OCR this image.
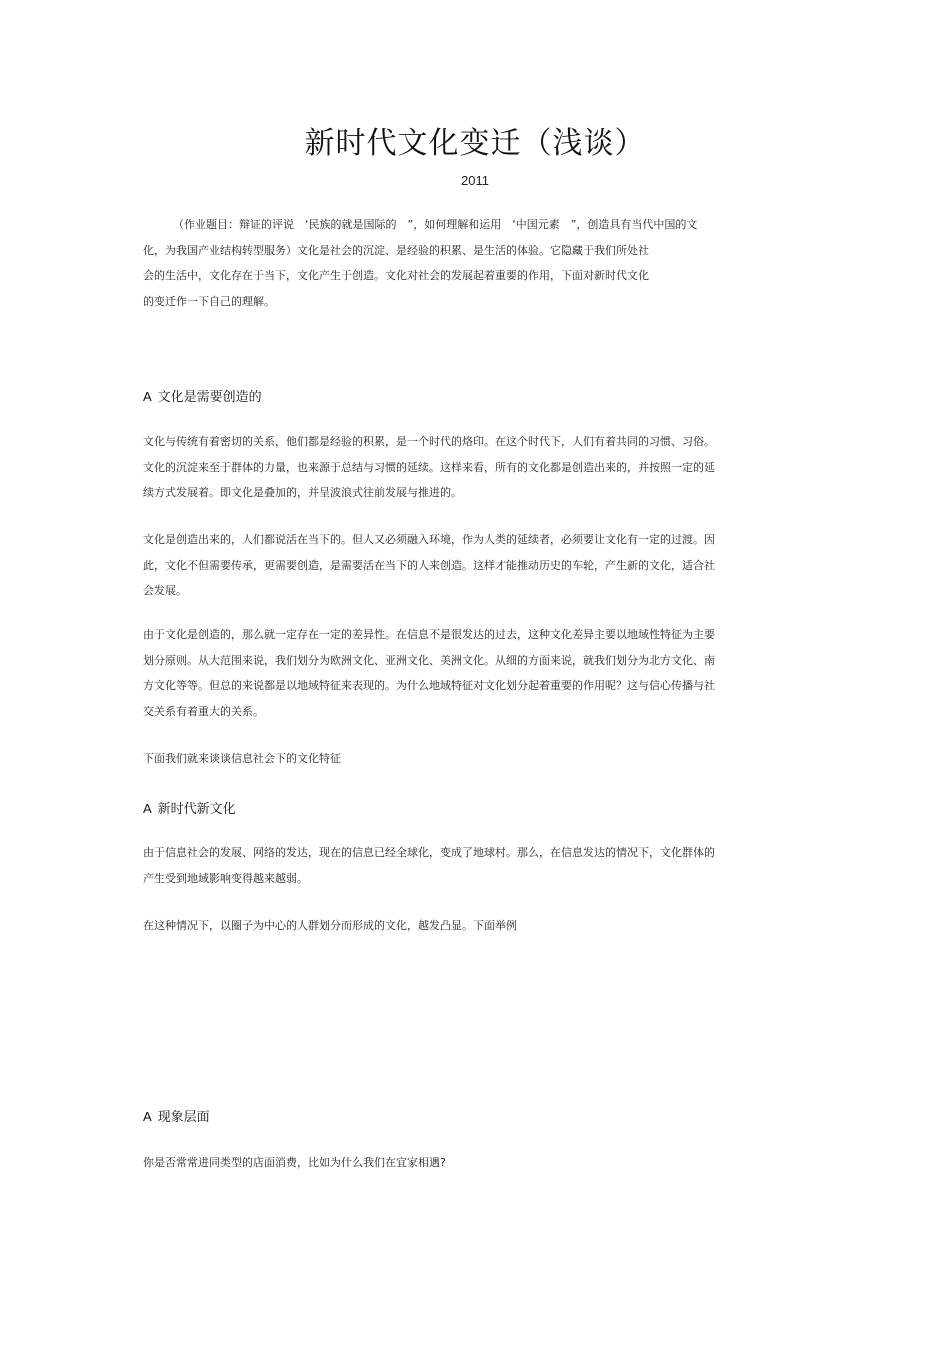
新时代文化变迁（浅谈）
2011
（作业题目：辩证的评说　‘民族的就是国际的　”，如何理解和运用　‘中国元素　”，创造具有当代中国的文
化，为我国产业结构转型服务）文化是社会的沉淀、是经验的积累、是生活的体验。它隐藏于我们所处社
会的生活中，文化存在于当下，文化产生于创造。文化对社会的发展起着重要的作用，下面对新时代文化
的变迁作一下自己的理解。
A 文化是需要创造的
文化与传统有着密切的关系，他们都是经验的积累，是一个时代的烙印。在这个时代下，人们有着共同的习惯、习俗。
文化的沉淀来至于群体的力量，也来源于总结与习惯的延续。这样来看，所有的文化都是创造出来的，并按照一定的延
续方式发展着。即文化是叠加的，并呈波浪式往前发展与推进的。
文化是创造出来的，人们都说活在当下的。但人又必须融入环境，作为人类的延续者，必须要让文化有一定的过渡。因
此，文化不但需要传承，更需要创造，是需要活在当下的人来创造。这样才能推动历史的车轮，产生新的文化，适合社
会发展。
由于文化是创造的，那么就一定存在一定的差异性。在信息不是很发达的过去，这种文化差异主要以地域性特征为主要
划分原则。从大范围来说，我们划分为欧洲文化、亚洲文化、美洲文化。从细的方面来说，就我们划分为北方文化、南
方文化等等。但总的来说都是以地域特征来表现的。为什么地域特征对文化划分起着重要的作用呢？这与信心传播与社
交关系有着重大的关系。
下面我们就来谈谈信息社会下的文化特征
A 新时代新文化
由于信息社会的发展、网络的发达，现在的信息已经全球化，变成了地球村。那么，在信息发达的情况下，文化群体的
产生受到地域影响变得越来越弱。
在这种情况下，以圈子为中心的人群划分而形成的文化，越发凸显。下面举例
A 现象层面
你是否常常进同类型的店面消费，比如为什么我们在宜家相遇?
